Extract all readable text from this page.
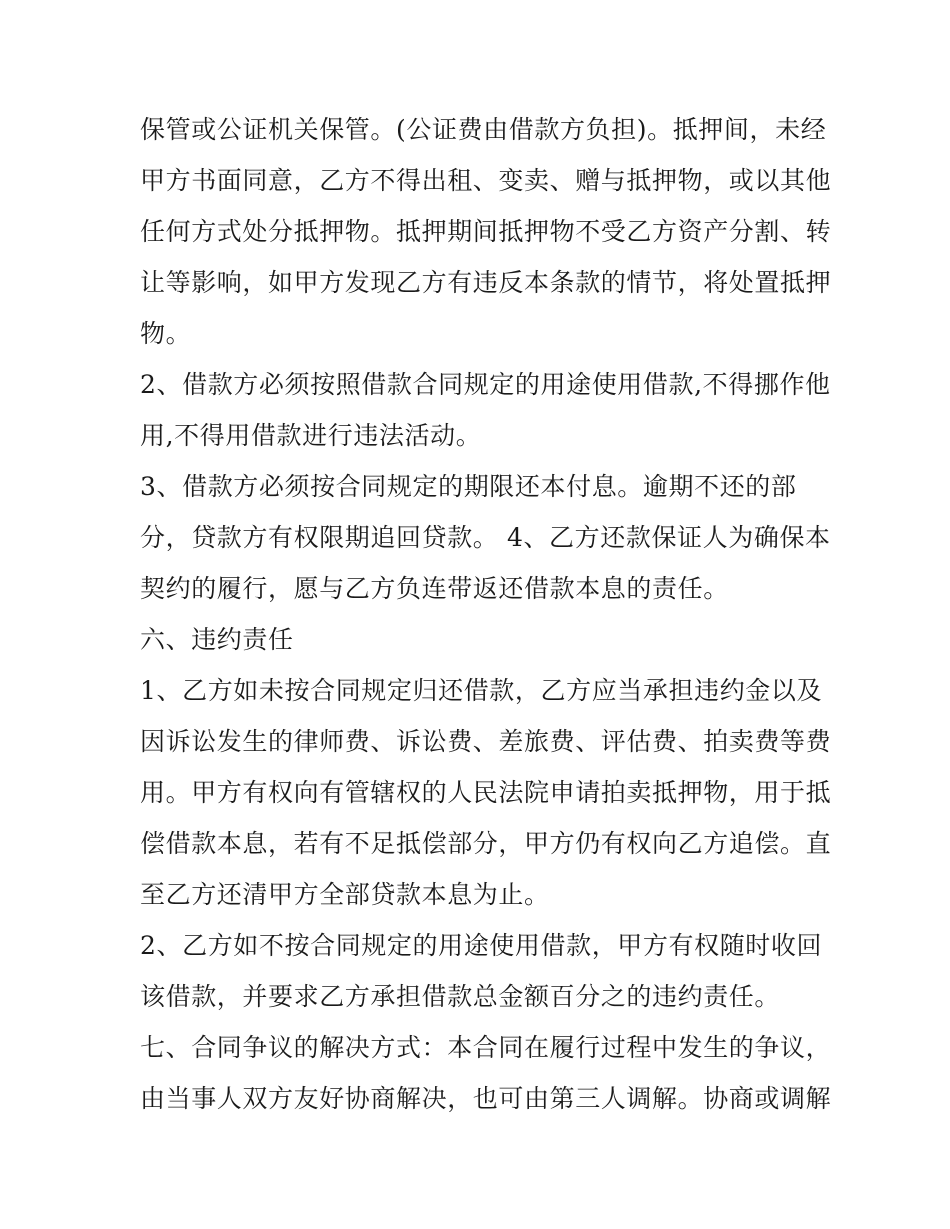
保管或公证机关保管。(公证费由借款方负担)。抵押间，未经
甲方书面同意，乙方不得出租、变卖、赠与抵押物，或以其他
任何方式处分抵押物。抵押期间抵押物不受乙方资产分割、转
让等影响，如甲方发现乙方有违反本条款的情节，将处置抵押
物。
2、借款方必须按照借款合同规定的用途使用借款,不得挪作他
用,不得用借款进行违法活动。
3、借款方必须按合同规定的期限还本付息。逾期不还的部
分，贷款方有权限期追回贷款。 4、乙方还款保证人为确保本
契约的履行，愿与乙方负连带返还借款本息的责任。
六、违约责任
1、乙方如未按合同规定归还借款，乙方应当承担违约金以及
因诉讼发生的律师费、诉讼费、差旅费、评估费、拍卖费等费
用。甲方有权向有管辖权的人民法院申请拍卖抵押物，用于抵
偿借款本息，若有不足抵偿部分，甲方仍有权向乙方追偿。直
至乙方还清甲方全部贷款本息为止。
2、乙方如不按合同规定的用途使用借款，甲方有权随时收回
该借款，并要求乙方承担借款总金额百分之的违约责任。
七、合同争议的解决方式：本合同在履行过程中发生的争议，
由当事人双方友好协商解决，也可由第三人调解。协商或调解
